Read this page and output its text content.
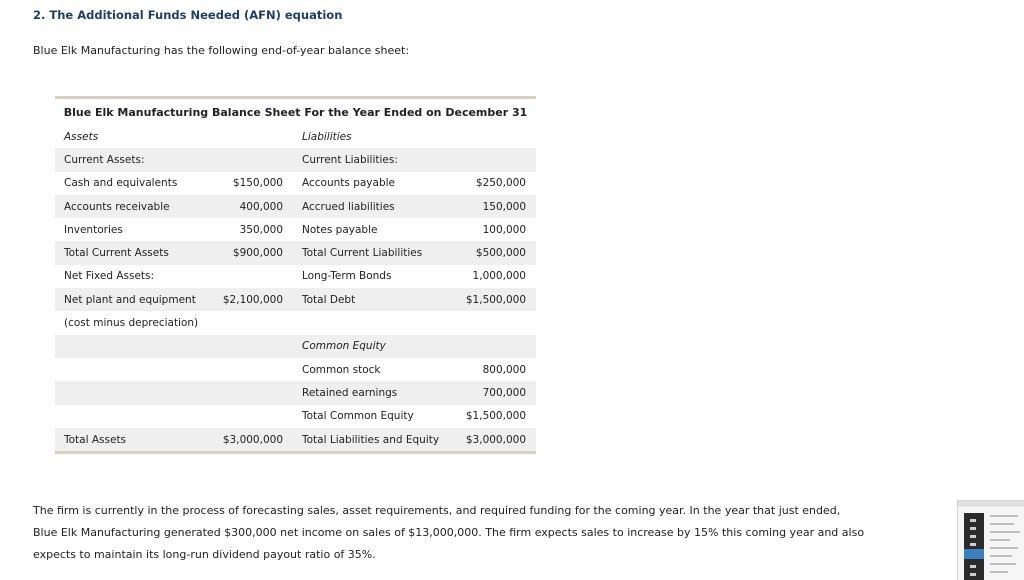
2. The Additional Funds Needed (AFN) equation

Blue Elk Manufacturing has the following end-of-year balance sheet:

Blue Elk Manufacturing Balance Sheet For the Year Ended on December 31
Assets		Liabilities	
Current Assets:		Current Liabilities:	
Cash and equivalents	$150,000	Accounts payable	$250,000
Accounts receivable	400,000	Accrued liabilities	150,000
Inventories	350,000	Notes payable	100,000
Total Current Assets	$900,000	Total Current Liabilities	$500,000
Net Fixed Assets:		Long-Term Bonds	1,000,000
Net plant and equipment	$2,100,000	Total Debt	$1,500,000
(cost minus depreciation)			
		Common Equity	
		Common stock	800,000
		Retained earnings	700,000
		Total Common Equity	$1,500,000
Total Assets	$3,000,000	Total Liabilities and Equity	$3,000,000
The firm is currently in the process of forecasting sales, asset requirements, and required funding for the coming year. In the year that just ended,
Blue Elk Manufacturing generated $300,000 net income on sales of $13,000,000. The firm expects sales to increase by 15% this coming year and also
expects to maintain its long-run dividend payout ratio of 35%.
